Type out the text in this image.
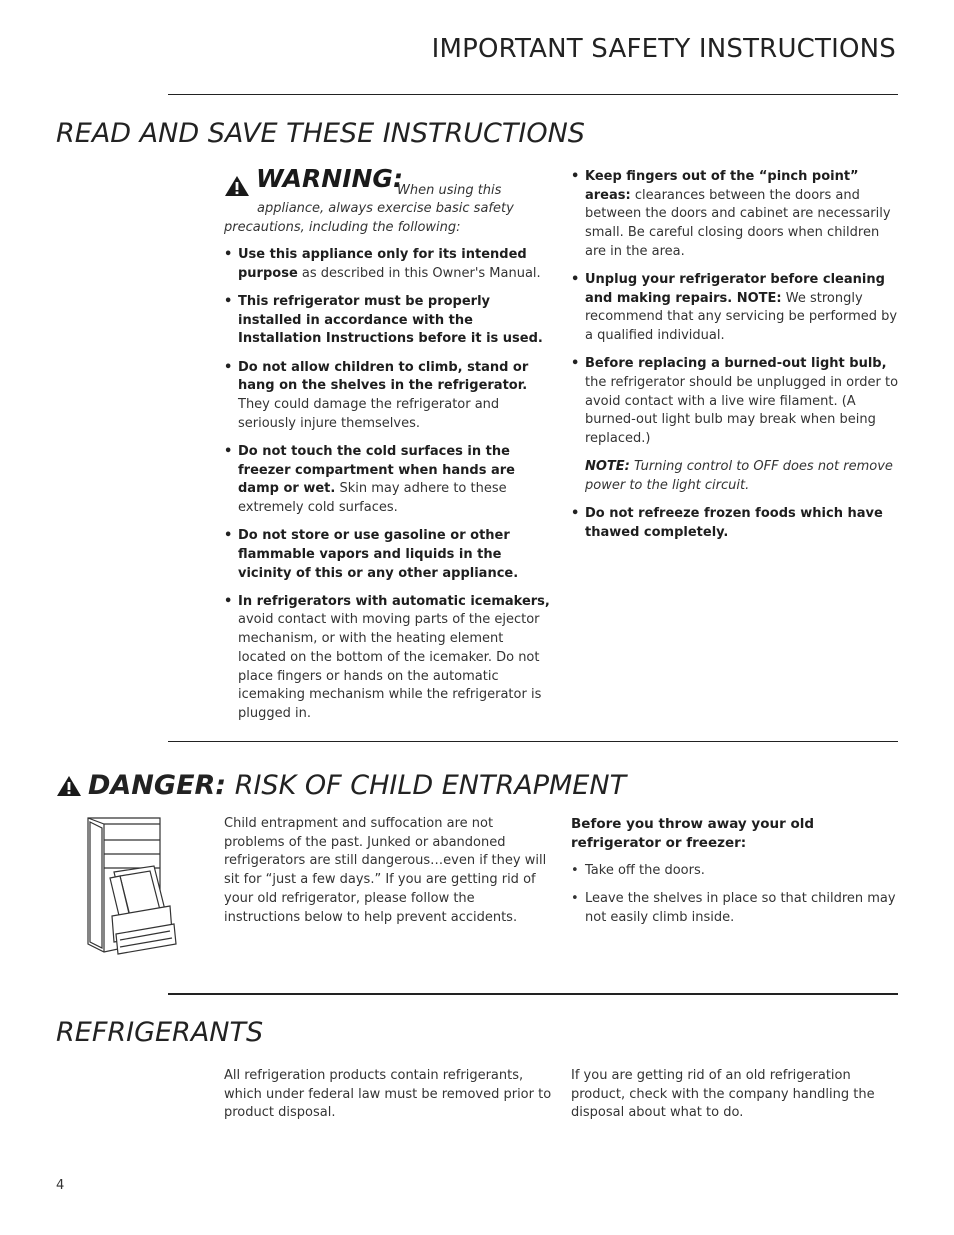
IMPORTANT SAFETY INSTRUCTIONS
READ AND SAVE THESE INSTRUCTIONS
WARNING:
When using this
appliance, always exercise basic safety
precautions, including the following:
• Use this appliance only for its intended purpose as described in this Owner's Manual.
• This refrigerator must be properly installed in accordance with the Installation Instructions before it is used.
• Do not allow children to climb, stand or hang on the shelves in the refrigerator. They could damage the refrigerator and seriously injure themselves.
• Do not touch the cold surfaces in the freezer compartment when hands are damp or wet. Skin may adhere to these extremely cold surfaces.
• Do not store or use gasoline or other flammable vapors and liquids in the vicinity of this or any other appliance.
• In refrigerators with automatic icemakers, avoid contact with moving parts of the ejector mechanism, or with the heating element located on the bottom of the icemaker. Do not place fingers or hands on the automatic icemaking mechanism while the refrigerator is plugged in.
• Keep fingers out of the “pinch point” areas: clearances between the doors and between the doors and cabinet are necessarily small. Be careful closing doors when children are in the area.
• Unplug your refrigerator before cleaning and making repairs. NOTE: We strongly recommend that any servicing be performed by a qualified individual.
• Before replacing a burned-out light bulb, the refrigerator should be unplugged in order to avoid contact with a live wire filament. (A burned-out light bulb may break when being replaced.)
NOTE: Turning control to OFF does not remove power to the light circuit.
• Do not refreeze frozen foods which have thawed completely.
DANGER: RISK OF CHILD ENTRAPMENT

Child entrapment and suffocation are not problems of the past. Junked or abandoned refrigerators are still dangerous…even if they will sit for “just a few days.” If you are getting rid of your old refrigerator, please follow the instructions below to help prevent accidents.

Before you throw away your old refrigerator or freezer:
• Take off the doors.
• Leave the shelves in place so that children may not easily climb inside.
REFRIGERANTS

All refrigeration products contain refrigerants, which under federal law must be removed prior to product disposal.

If you are getting rid of an old refrigeration product, check with the company handling the disposal about what to do.

4
